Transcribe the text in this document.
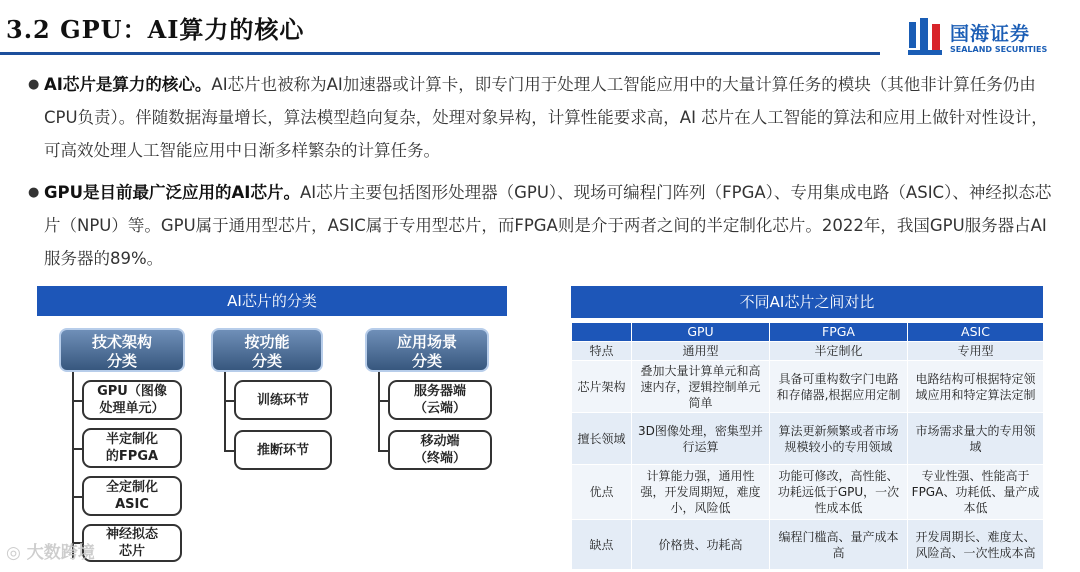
3.2 GPU：AI算力的核心	国海证券
SEALAND SECURITIES
● AI芯片是算力的核心。AI芯片也被称为AI加速器或计算卡，即专门用于处理人工智能应用中的大量计算任务的模块（其他非计算任务仍由CPU负责）。伴随数据海量增长，算法模型趋向复杂，处理对象异构，计算性能要求高，AI 芯片在人工智能的算法和应用上做针对性设计，可高效处理人工智能应用中日渐多样繁杂的计算任务。
● GPU是目前最广泛应用的AI芯片。AI芯片主要包括图形处理器（GPU）、现场可编程门阵列（FPGA）、专用集成电路（ASIC）、神经拟态芯片（NPU）等。GPU属于通用型芯片，ASIC属于专用型芯片，而FPGA则是介于两者之间的半定制化芯片。2022年，我国GPU服务器占AI服务器的89%。
AI芯片的分类
技术架构
分类
GPU（图像
处理单元）
半定制化
的FPGA
全定制化
ASIC
神经拟态
芯片
按功能
分类
训练环节
推断环节
应用场景
分类
服务器端
（云端）
移动端
（终端）
不同AI芯片之间对比
	GPU	FPGA	ASIC
特点	通用型	半定制化	专用型
芯片架构	叠加大量计算单元和高速内存，逻辑控制单元简单	具备可重构数字门电路和存储器,根据应用定制	电路结构可根据特定领域应用和特定算法定制
擅长领域	3D图像处理，密集型并行运算	算法更新频繁或者市场规模较小的专用领域	市场需求量大的专用领域
优点	计算能力强，通用性强，开发周期短，难度小，风险低	功能可修改，高性能、功耗远低于GPU，一次性成本低	专业性强、性能高于FPGA、功耗低、量产成本低
缺点	价格贵、功耗高	编程门槛高、量产成本高	开发周期长、难度太、风险高、一次性成本高
◎ 大数跨境
